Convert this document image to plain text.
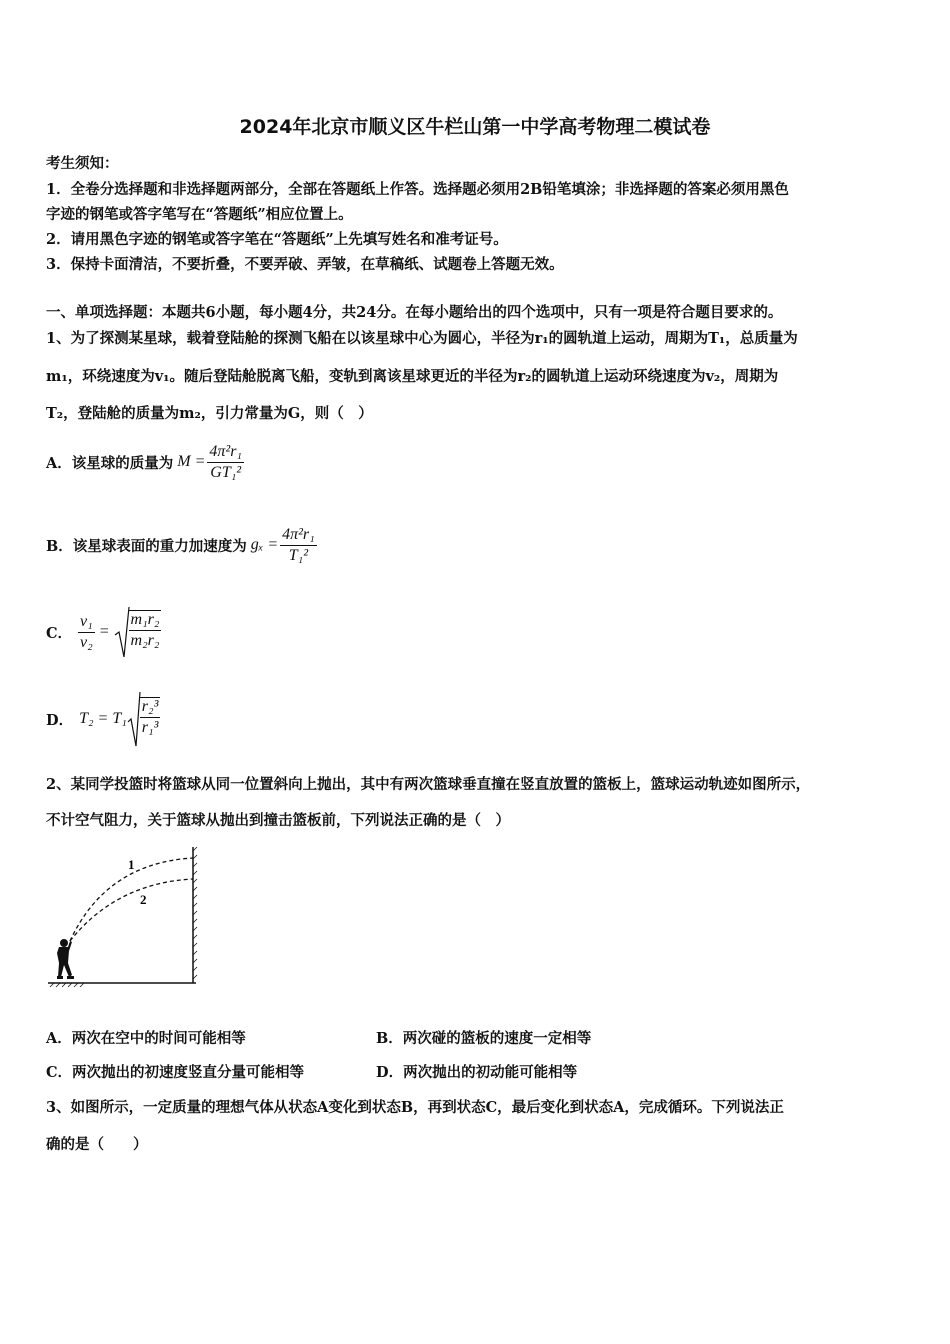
2024年北京市顺义区牛栏山第一中学高考物理二模试卷
考生须知：
1．全卷分选择题和非选择题两部分，全部在答题纸上作答。选择题必须用2B铅笔填涂；非选择题的答案必须用黑色
字迹的钢笔或答字笔写在“答题纸”相应位置上。
2．请用黑色字迹的钢笔或答字笔在“答题纸”上先填写姓名和准考证号。
3．保持卡面清洁，不要折叠，不要弄破、弄皱，在草稿纸、试题卷上答题无效。
一、单项选择题：本题共6小题，每小题4分，共24分。在每小题给出的四个选项中，只有一项是符合题目要求的。
1、为了探测某星球，载着登陆舱的探测飞船在以该星球中心为圆心，半径为r₁的圆轨道上运动，周期为T₁，总质量为
m₁，环绕速度为v₁。随后登陆舱脱离飞船，变轨到离该星球更近的半径为r₂的圆轨道上运动环绕速度为v₂，周期为
T₂，登陆舱的质量为m₂，引力常量为G，则（　）
A．该星球的质量为 $M = \frac{\text{4π²r₁}}{\text{GT₁²}}$
B．该星球表面的重力加速度为 $g_x = \frac{\text{4π²r₁}}{\text{T₁²}}$
C． $\frac{\text{v₁}}{\text{v₂}} = \frac{\text{m₁r₂}}{\text{m₂r₂}}$
D． $T_2 = T_1 \frac{\text{r₂³}}{\text{r₁³}}$
2、某同学投篮时将篮球从同一位置斜向上抛出，其中有两次篮球垂直撞在竖直放置的篮板上，篮球运动轨迹如图所示，
不计空气阻力，关于篮球从抛出到撞击篮板前，下列说法正确的是（　）
1
2
A．两次在空中的时间可能相等	B．两次碰的篮板的速度一定相等
C．两次抛出的初速度竖直分量可能相等	D．两次抛出的初动能可能相等
3、如图所示，一定质量的理想气体从状态A变化到状态B，再到状态C，最后变化到状态A，完成循环。下列说法正
确的是（　　）
